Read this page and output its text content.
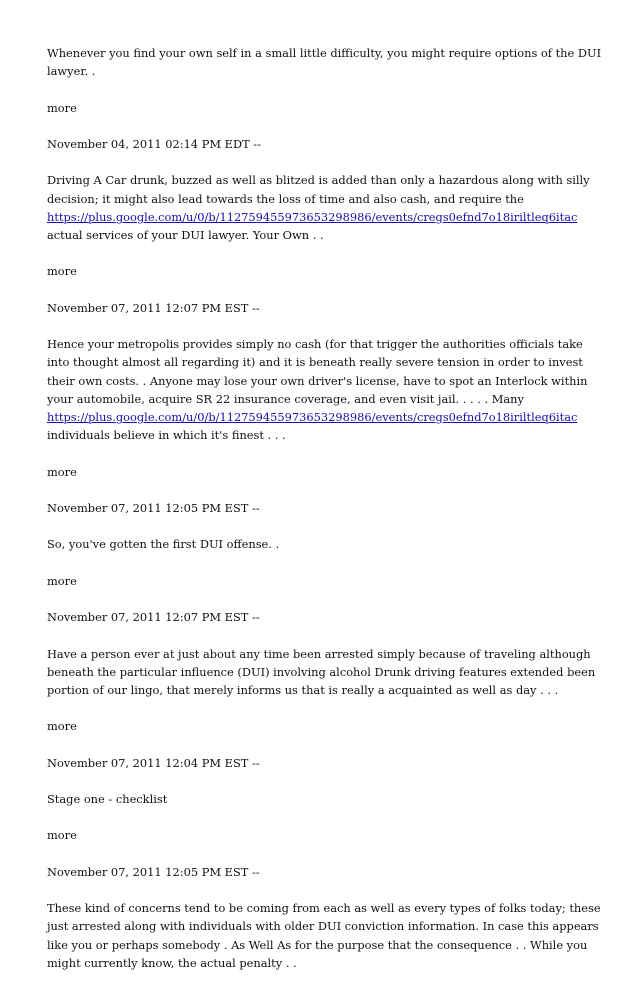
Whenever you find your own self in a small little difficulty, you might require options of the DUI lawyer. .

more

November 04, 2011 02:14 PM EDT --

Driving A Car drunk, buzzed as well as blitzed is added than only a hazardous along with silly decision; it might also lead towards the loss of time and also cash, and require the https://plus.google.com/u/0/b/112759455973653298986/events/cregs0efnd7o18iriltleq6itac actual services of your DUI lawyer. Your Own . .

more

November 07, 2011 12:07 PM EST --

Hence your metropolis provides simply no cash (for that trigger the authorities officials take into thought almost all regarding it) and it is beneath really severe tension in order to invest their own costs. . Anyone may lose your own driver's license, have to spot an Interlock within your automobile, acquire SR 22 insurance coverage, and even visit jail. . . . . Many https://plus.google.com/u/0/b/112759455973653298986/events/cregs0efnd7o18iriltleq6itac individuals believe in which it's finest . . .

more

November 07, 2011 12:05 PM EST --

So, you've gotten the first DUI offense. .

more

November 07, 2011 12:07 PM EST --

Have a person ever at just about any time been arrested simply because of traveling although beneath the particular influence (DUI) involving alcohol Drunk driving features extended been portion of our lingo, that merely informs us that is really a acquainted as well as day . . .

more

November 07, 2011 12:04 PM EST --

Stage one - checklist

more

November 07, 2011 12:05 PM EST --

These kind of concerns tend to be coming from each as well as every types of folks today; these just arrested along with individuals with older DUI conviction information. In case this appears like you or perhaps somebody . As Well As for the purpose that the consequence . . While you might currently know, the actual penalty . .
